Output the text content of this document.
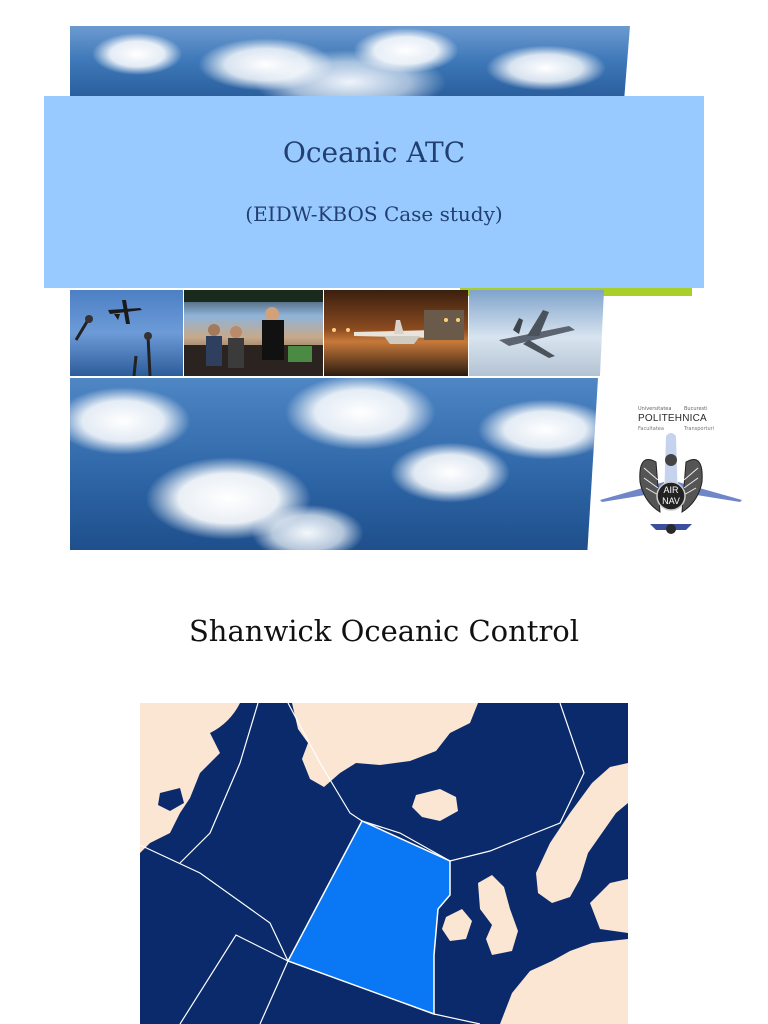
Oceanic ATC
(EIDW-KBOS Case study)
Universitatea	Bucuresti
POLITEHNICA
Facultatea	Transporturi
AIR
NAV
Shanwick Oceanic Control
